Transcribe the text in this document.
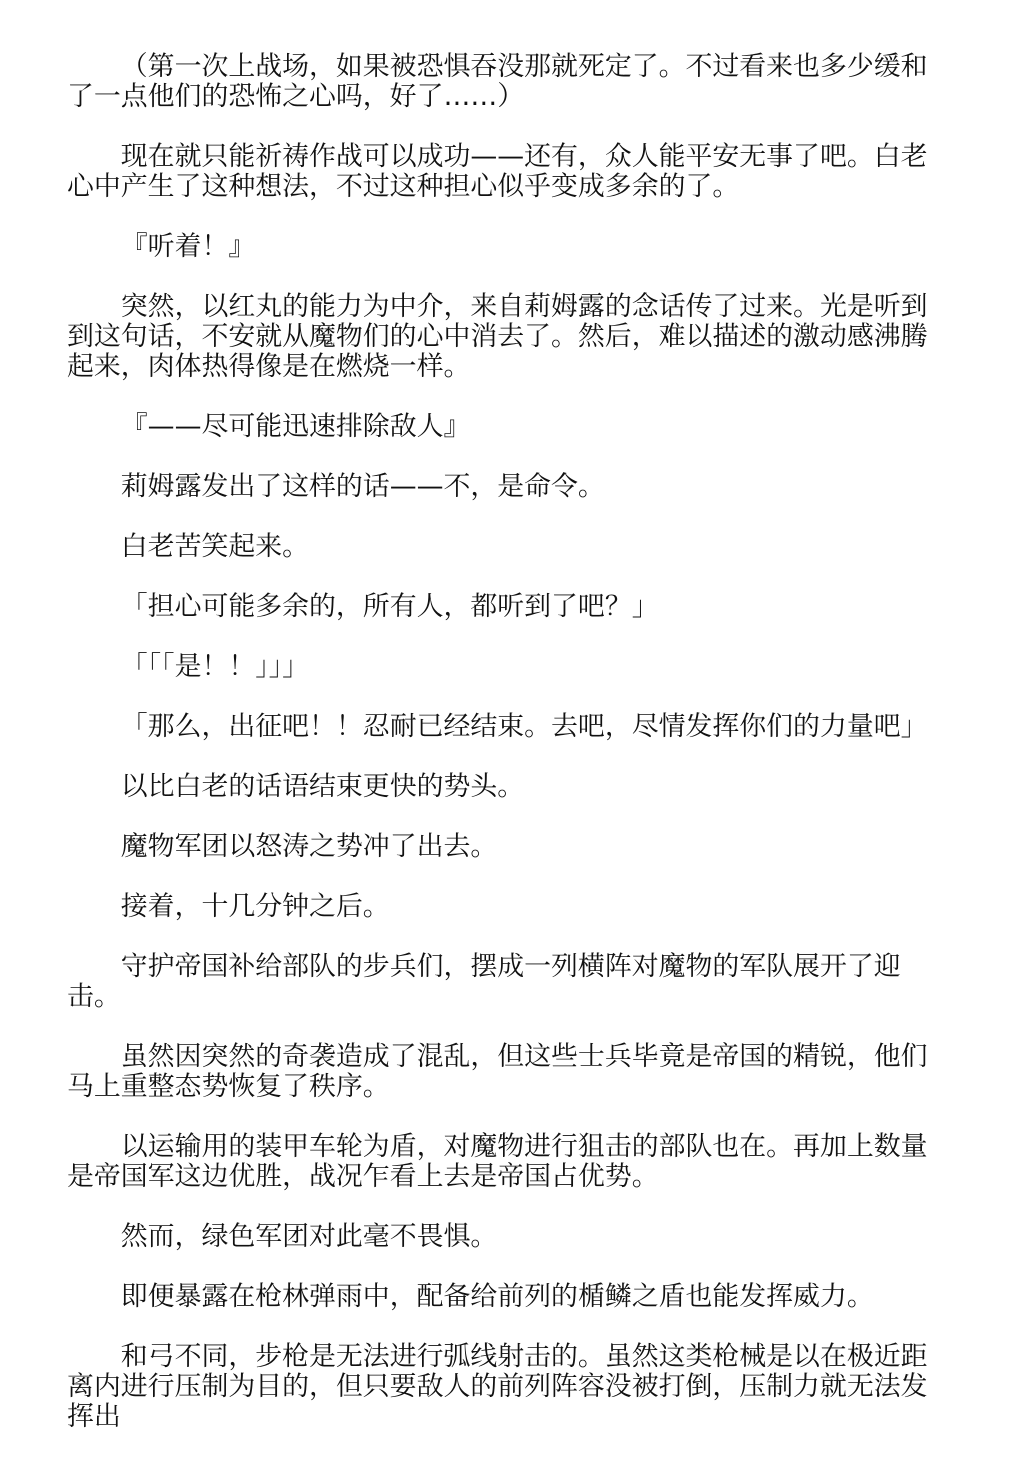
（第一次上战场，如果被恐惧吞没那就死定了。不过看来也多少缓和了一点他们的恐怖之心吗，好了……）

现在就只能祈祷作战可以成功——还有，众人能平安无事了吧。白老心中产生了这种想法，不过这种担心似乎变成多余的了。

『听着！』

突然，以红丸的能力为中介，来自莉姆露的念话传了过来。光是听到到这句话，不安就从魔物们的心中消去了。然后，难以描述的激动感沸腾起来，肉体热得像是在燃烧一样。

『——尽可能迅速排除敌人』

莉姆露发出了这样的话——不，是命令。

白老苦笑起来。

「担心可能多余的，所有人，都听到了吧？」

「「「是！！」」」

「那么，出征吧！！忍耐已经结束。去吧，尽情发挥你们的力量吧」

以比白老的话语结束更快的势头。

魔物军团以怒涛之势冲了出去。

接着，十几分钟之后。

守护帝国补给部队的步兵们，摆成一列横阵对魔物的军队展开了迎击。

虽然因突然的奇袭造成了混乱，但这些士兵毕竟是帝国的精锐，他们马上重整态势恢复了秩序。

以运输用的装甲车轮为盾，对魔物进行狙击的部队也在。再加上数量是帝国军这边优胜，战况乍看上去是帝国占优势。

然而，绿色军团对此毫不畏惧。

即便暴露在枪林弹雨中，配备给前列的楯鳞之盾也能发挥威力。

和弓不同，步枪是无法进行弧线射击的。虽然这类枪械是以在极近距离内进行压制为目的，但只要敌人的前列阵容没被打倒，压制力就无法发挥出
